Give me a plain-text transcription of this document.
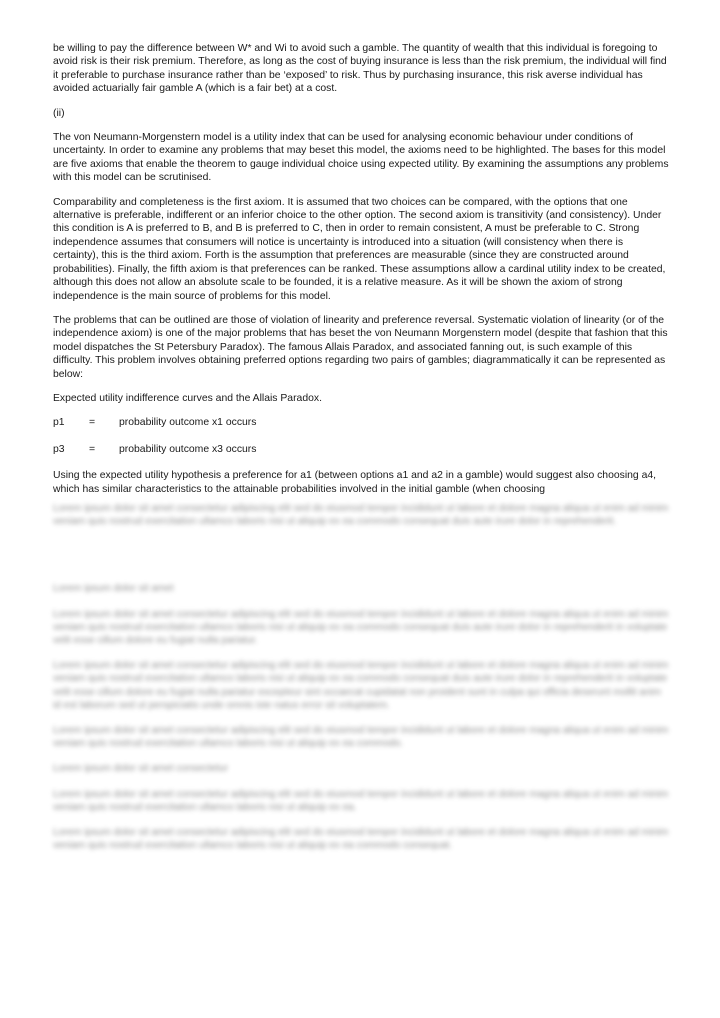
be willing to pay the difference between W* and Wi to avoid such a gamble. The quantity of wealth that this individual is foregoing to avoid risk is their risk premium. Therefore, as long as the cost of buying insurance is less than the risk premium, the individual will find it preferable to purchase insurance rather than be ‘exposed’ to risk. Thus by purchasing insurance, this risk averse individual has avoided actuarially fair gamble A (which is a fair bet) at a cost.

(ii)

The von Neumann-Morgenstern model is a utility index that can be used for analysing economic behaviour under conditions of uncertainty. In order to examine any problems that may beset this model, the axioms need to be highlighted. The bases for this model are five axioms that enable the theorem to gauge individual choice using expected utility. By examining the assumptions any problems with this model can be scrutinised.

Comparability and completeness is the first axiom. It is assumed that two choices can be compared, with the options that one alternative is preferable, indifferent or an inferior choice to the other option. The second axiom is transitivity (and consistency). Under this condition is A is preferred to B, and B is preferred to C, then in order to remain consistent, A must be preferable to C. Strong independence assumes that consumers will notice is uncertainty is introduced into a situation (will consistency when there is certainty), this is the third axiom. Forth is the assumption that preferences are measurable (since they are constructed around probabilities). Finally, the fifth axiom is that preferences can be ranked. These assumptions allow a cardinal utility index to be created, although this does not allow an absolute scale to be founded, it is a relative measure. As it will be shown the axiom of strong independence is the main source of problems for this model.

The problems that can be outlined are those of violation of linearity and preference reversal. Systematic violation of linearity (or of the independence axiom) is one of the major problems that has beset the von Neumann Morgenstern model (despite that fashion that this model dispatches the St Petersbury Paradox). The famous Allais Paradox, and associated fanning out, is such example of this difficulty. This problem involves obtaining preferred options regarding two pairs of gambles; diagrammatically it can be represented as below:

Expected utility indifference curves and the Allais Paradox.

p1	=	probability outcome x1 occurs
p3	=	probability outcome x3 occurs

Using the expected utility hypothesis a preference for a1 (between options a1 and a2 in a gamble) would suggest also choosing a4, which has similar characteristics to the attainable probabilities involved in the initial gamble (when choosing

Lorem ipsum dolor sit amet consectetur adipiscing elit sed do eiusmod tempor incididunt ut labore et dolore magna aliqua ut enim ad minim veniam quis nostrud exercitation ullamco laboris nisi ut aliquip ex ea commodo consequat duis aute irure dolor in reprehenderit.

Lorem ipsum dolor sit amet

Lorem ipsum dolor sit amet consectetur adipiscing elit sed do eiusmod tempor incididunt ut labore et dolore magna aliqua ut enim ad minim veniam quis nostrud exercitation ullamco laboris nisi ut aliquip ex ea commodo consequat duis aute irure dolor in reprehenderit in voluptate velit esse cillum dolore eu fugiat nulla pariatur.

Lorem ipsum dolor sit amet consectetur adipiscing elit sed do eiusmod tempor incididunt ut labore et dolore magna aliqua ut enim ad minim veniam quis nostrud exercitation ullamco laboris nisi ut aliquip ex ea commodo consequat duis aute irure dolor in reprehenderit in voluptate velit esse cillum dolore eu fugiat nulla pariatur excepteur sint occaecat cupidatat non proident sunt in culpa qui officia deserunt mollit anim id est laborum sed ut perspiciatis unde omnis iste natus error sit voluptatem.

Lorem ipsum dolor sit amet consectetur adipiscing elit sed do eiusmod tempor incididunt ut labore et dolore magna aliqua ut enim ad minim veniam quis nostrud exercitation ullamco laboris nisi ut aliquip ex ea commodo.

Lorem ipsum dolor sit amet consectetur

Lorem ipsum dolor sit amet consectetur adipiscing elit sed do eiusmod tempor incididunt ut labore et dolore magna aliqua ut enim ad minim veniam quis nostrud exercitation ullamco laboris nisi ut aliquip ex ea.

Lorem ipsum dolor sit amet consectetur adipiscing elit sed do eiusmod tempor incididunt ut labore et dolore magna aliqua ut enim ad minim veniam quis nostrud exercitation ullamco laboris nisi ut aliquip ex ea commodo consequat.
